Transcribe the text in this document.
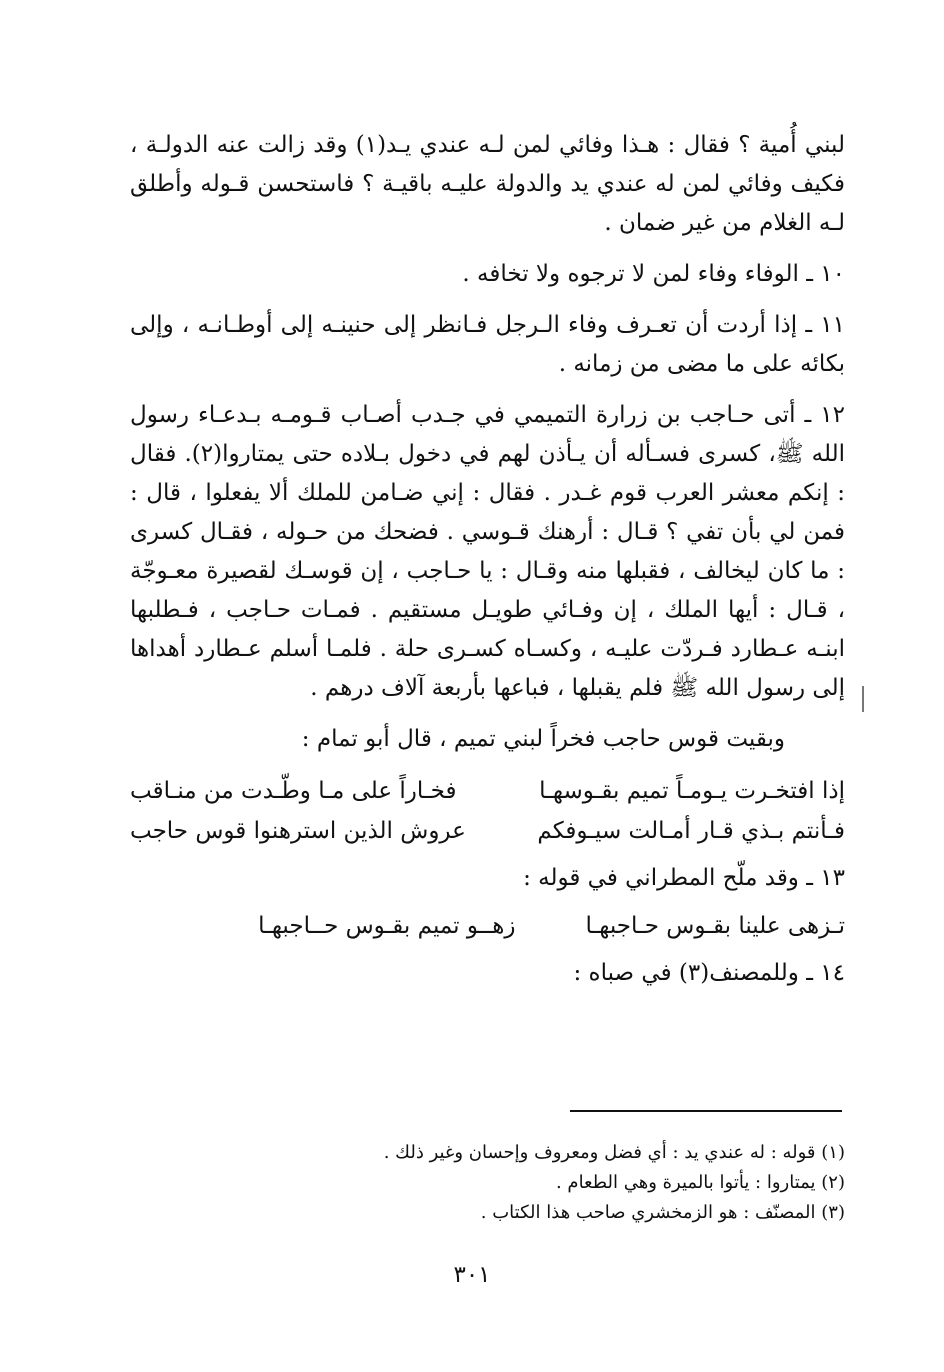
لبني أُمية ؟ فقال : هـذا وفائي لمن لـه عندي يـد(١) وقد زالت عنه الدولـة ، فكيف وفائي لمن له عندي يد والدولة عليـه باقيـة ؟ فاستحسن قـوله وأطلق لـه الغلام من غير ضمان .

١٠ ـ الوفاء وفاء لمن لا ترجوه ولا تخافه .

١١ ـ إذا أردت أن تعـرف وفاء الـرجل فـانظر إلى حنينـه إلى أوطـانـه ، وإلى بكائه على ما مضى من زمانه .

١٢ ـ أتى حـاجب بن زرارة التميمي في جـدب أصـاب قـومـه بـدعـاء رسول الله ﷺ، كسرى فسـأله أن يـأذن لهم في دخول بـلاده حتى يمتاروا(٢). فقال : إنكم معشر العرب قوم غـدر . فقال : إني ضـامن للملك ألا يفعلوا ، قال : فمن لي بأن تفي ؟ قـال : أرهنك قـوسي . فضحك من حـوله ، فقـال كسرى : ما كان ليخالف ، فقبلها منه وقـال : يا حـاجب ، إن قوسـك لقصيرة معـوجّة ، قـال : أيها الملك ، إن وفـائي طويـل مستقيم . فمـات حـاجب ، فـطلبها ابنـه عـطارد فـردّت عليـه ، وكسـاه كسـرى حلة . فلمـا أسلم عـطارد أهداها إلى رسول الله ﷺ فلم يقبلها ، فباعها بأربعة آلاف درهم .

وبقيت قوس حاجب فخراً لبني تميم ، قال أبو تمام :

إذا افتخـرت يـومـاً تميم بقـوسهـا
فخـاراً على مـا وطّـدت من منـاقب
فـأنتم بـذي قـار أمـالت سيـوفكم
عروش الذين استرهنوا قوس حاجب

١٣ ـ وقد ملّح المطراني في قوله :

تـزهى علينا بقـوس حـاجبهـا
زهــو تميم بقـوس حــاجبهـا

١٤ ـ وللمصنف(٣) في صباه :

(١) قوله : له عندي يد : أي فضل ومعروف وإحسان وغير ذلك .
(٢) يمتاروا : يأتوا بالميرة وهي الطعام .
(٣) المصنّف : هو الزمخشري صاحب هذا الكتاب .
٣٠١
